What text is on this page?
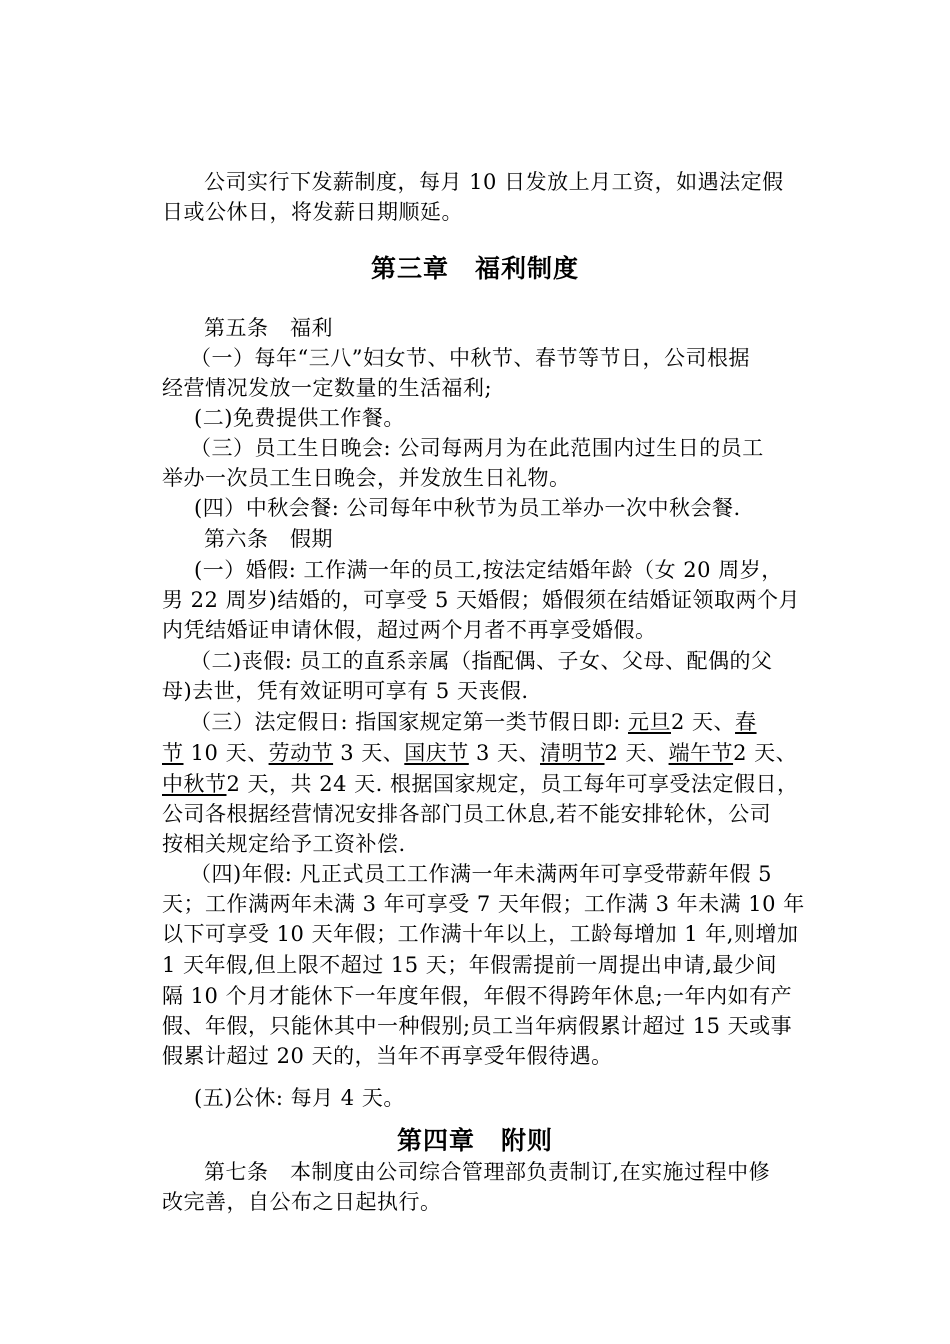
公司实行下发薪制度，每月 10 日发放上月工资，如遇法定假
日或公休日，将发薪日期顺延。
第三章　福利制度
第五条　福利
（一）每年“三八”妇女节、中秋节、春节等节日，公司根据
经营情况发放一定数量的生活福利;
(二)免费提供工作餐。
（三）员工生日晚会: 公司每两月为在此范围内过生日的员工
举办一次员工生日晚会，并发放生日礼物。
(四）中秋会餐: 公司每年中秋节为员工举办一次中秋会餐.
第六条　假期
(一）婚假: 工作满一年的员工,按法定结婚年龄（女 20 周岁，
男 22 周岁)结婚的，可享受 5 天婚假；婚假须在结婚证领取两个月
内凭结婚证申请休假，超过两个月者不再享受婚假。
（二)丧假: 员工的直系亲属（指配偶、子女、父母、配偶的父
母)去世，凭有效证明可享有 5 天丧假.
（三）法定假日: 指国家规定第一类节假日即: 元旦2 天、春
节 10 天、劳动节 3 天、国庆节 3 天、清明节2 天、端午节2 天、
中秋节2 天，共 24 天. 根据国家规定，员工每年可享受法定假日，
公司各根据经营情况安排各部门员工休息,若不能安排轮休，公司
按相关规定给予工资补偿.
（四)年假: 凡正式员工工作满一年未满两年可享受带薪年假 5
天；工作满两年未满 3 年可享受 7 天年假；工作满 3 年未满 10 年
以下可享受 10 天年假；工作满十年以上，工龄每增加 1 年,则增加
1 天年假,但上限不超过 15 天；年假需提前一周提出申请,最少间
隔 10 个月才能休下一年度年假，年假不得跨年休息;一年内如有产
假、年假，只能休其中一种假别;员工当年病假累计超过 15 天或事
假累计超过 20 天的，当年不再享受年假待遇。
(五)公休: 每月 4 天。
第四章　附则
第七条　本制度由公司综合管理部负责制订,在实施过程中修
改完善，自公布之日起执行。
